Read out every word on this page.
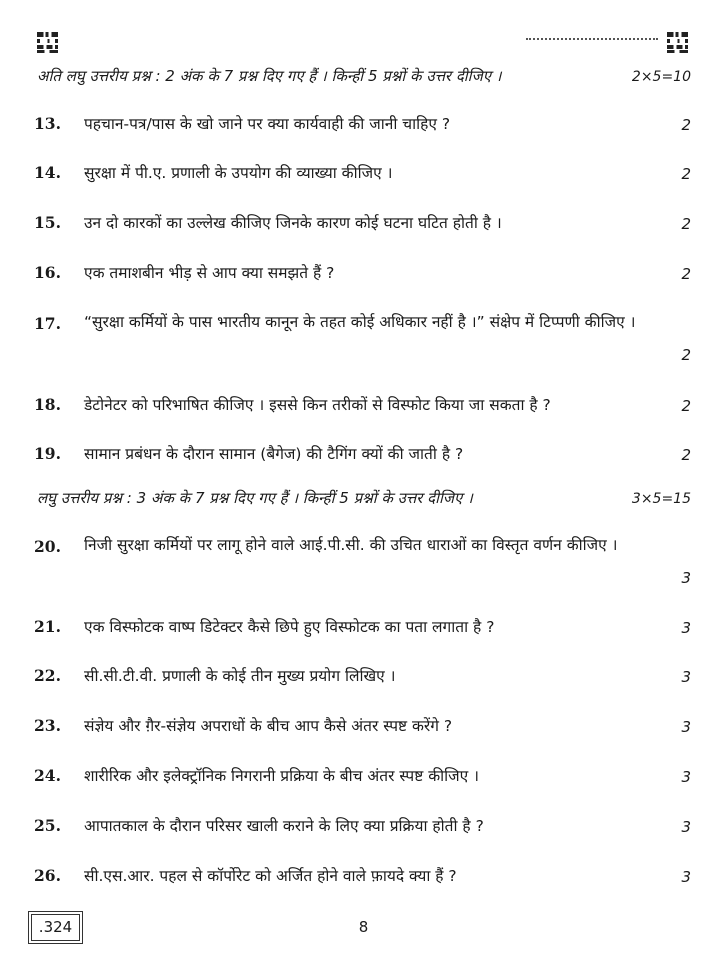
अति लघु उत्तरीय प्रश्न : 2 अंक के 7 प्रश्न दिए गए हैं । किन्हीं 5 प्रश्नों के उत्तर दीजिए ।	2×5=10
13. पहचान-पत्र/पास के खो जाने पर क्या कार्यवाही की जानी चाहिए ?	2
14. सुरक्षा में पी.ए. प्रणाली के उपयोग की व्याख्या कीजिए ।	2
15. उन दो कारकों का उल्लेख कीजिए जिनके कारण कोई घटना घटित होती है ।	2
16. एक तमाशबीन भीड़ से आप क्या समझते हैं ?	2
17. “सुरक्षा कर्मियों के पास भारतीय कानून के तहत कोई अधिकार नहीं है ।” संक्षेप में टिप्पणी कीजिए ।
2
18. डेटोनेटर को परिभाषित कीजिए । इससे किन तरीकों से विस्फोट किया जा सकता है ?	2
19. सामान प्रबंधन के दौरान सामान (बैगेज) की टैगिंग क्यों की जाती है ?	2
लघु उत्तरीय प्रश्न : 3 अंक के 7 प्रश्न दिए गए हैं । किन्हीं 5 प्रश्नों के उत्तर दीजिए ।	3×5=15
20. निजी सुरक्षा कर्मियों पर लागू होने वाले आई.पी.सी. की उचित धाराओं का विस्तृत वर्णन कीजिए ।
3
21. एक विस्फोटक वाष्प डिटेक्टर कैसे छिपे हुए विस्फोटक का पता लगाता है ?	3
22. सी.सी.टी.वी. प्रणाली के कोई तीन मुख्य प्रयोग लिखिए ।	3
23. संज्ञेय और ग़ैर-संज्ञेय अपराधों के बीच आप कैसे अंतर स्पष्ट करेंगे ?	3
24. शारीरिक और इलेक्ट्रॉनिक निगरानी प्रक्रिया के बीच अंतर स्पष्ट कीजिए ।	3
25. आपातकाल के दौरान परिसर खाली कराने के लिए क्या प्रक्रिया होती है ?	3
26. सी.एस.आर. पहल से कॉर्पोरेट को अर्जित होने वाले फ़ायदे क्या हैं ?	3
.324	8
